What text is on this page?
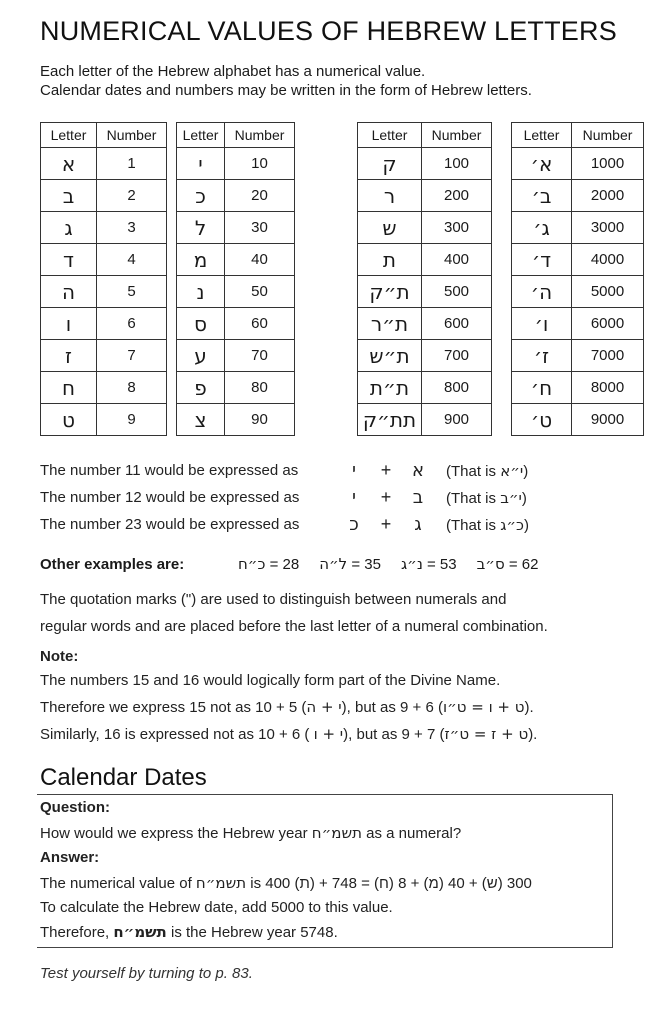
NUMERICAL VALUES OF HEBREW LETTERS
Each letter of the Hebrew alphabet has a numerical value.
Calendar dates and numbers may be written in the form of Hebrew letters.
Letter	Number		Letter	Number
א	1		י	10
ב	2		כ	20
ג	3		ל	30
ד	4		מ	40
ה	5		נ	50
ו	6		ס	60
ז	7		ע	70
ח	8		פ	80
ט	9		צ	90
Letter	Number		Letter	Number
ק	100		א׳	1000
ר	200		ב׳	2000
ש	300		ג׳	3000
ת	400		ד׳	4000
ת״ק	500		ה׳	5000
ת״ר	600		ו׳	6000
ת״ש	700		ז׳	7000
ת״ת	800		ח׳	8000
תת״ק	900		ט׳	9000
The number 11 would be expressed as	י	+	א	(That is י״א)
The number 12 would be expressed as	י	+	ב	(That is י״ב)
The number 23 would be expressed as	כ	+	ג	(That is כ״ג)
Other examples are:	כ״ח = 28 ל״ה = 35 נ״ג = 53 ס״ב = 62
The quotation marks (") are used to distinguish between numerals and
regular words and are placed before the last letter of a numeral combination.
Note:
The numbers 15 and 16 would logically form part of the Divine Name.
Therefore we express 15 not as 10 + 5 (י + ה), but as 9 + 6 (ט + ו = ט״ו).
Similarly, 16 is expressed not as 10 + 6 ( י + ו), but as 9 + 7 (ט + ז = ט״ז).
Calendar Dates
Question:
How would we express the Hebrew year תשמ״ח as a numeral?
Answer:
The numerical value of תשמ״ח is 400 (ת) + 300 (ש) + 40 (מ) + 8 (ח) = 748
To calculate the Hebrew date, add 5000 to this value.
Therefore, תשמ״ח is the Hebrew year 5748.
Test yourself by turning to p. 83.
